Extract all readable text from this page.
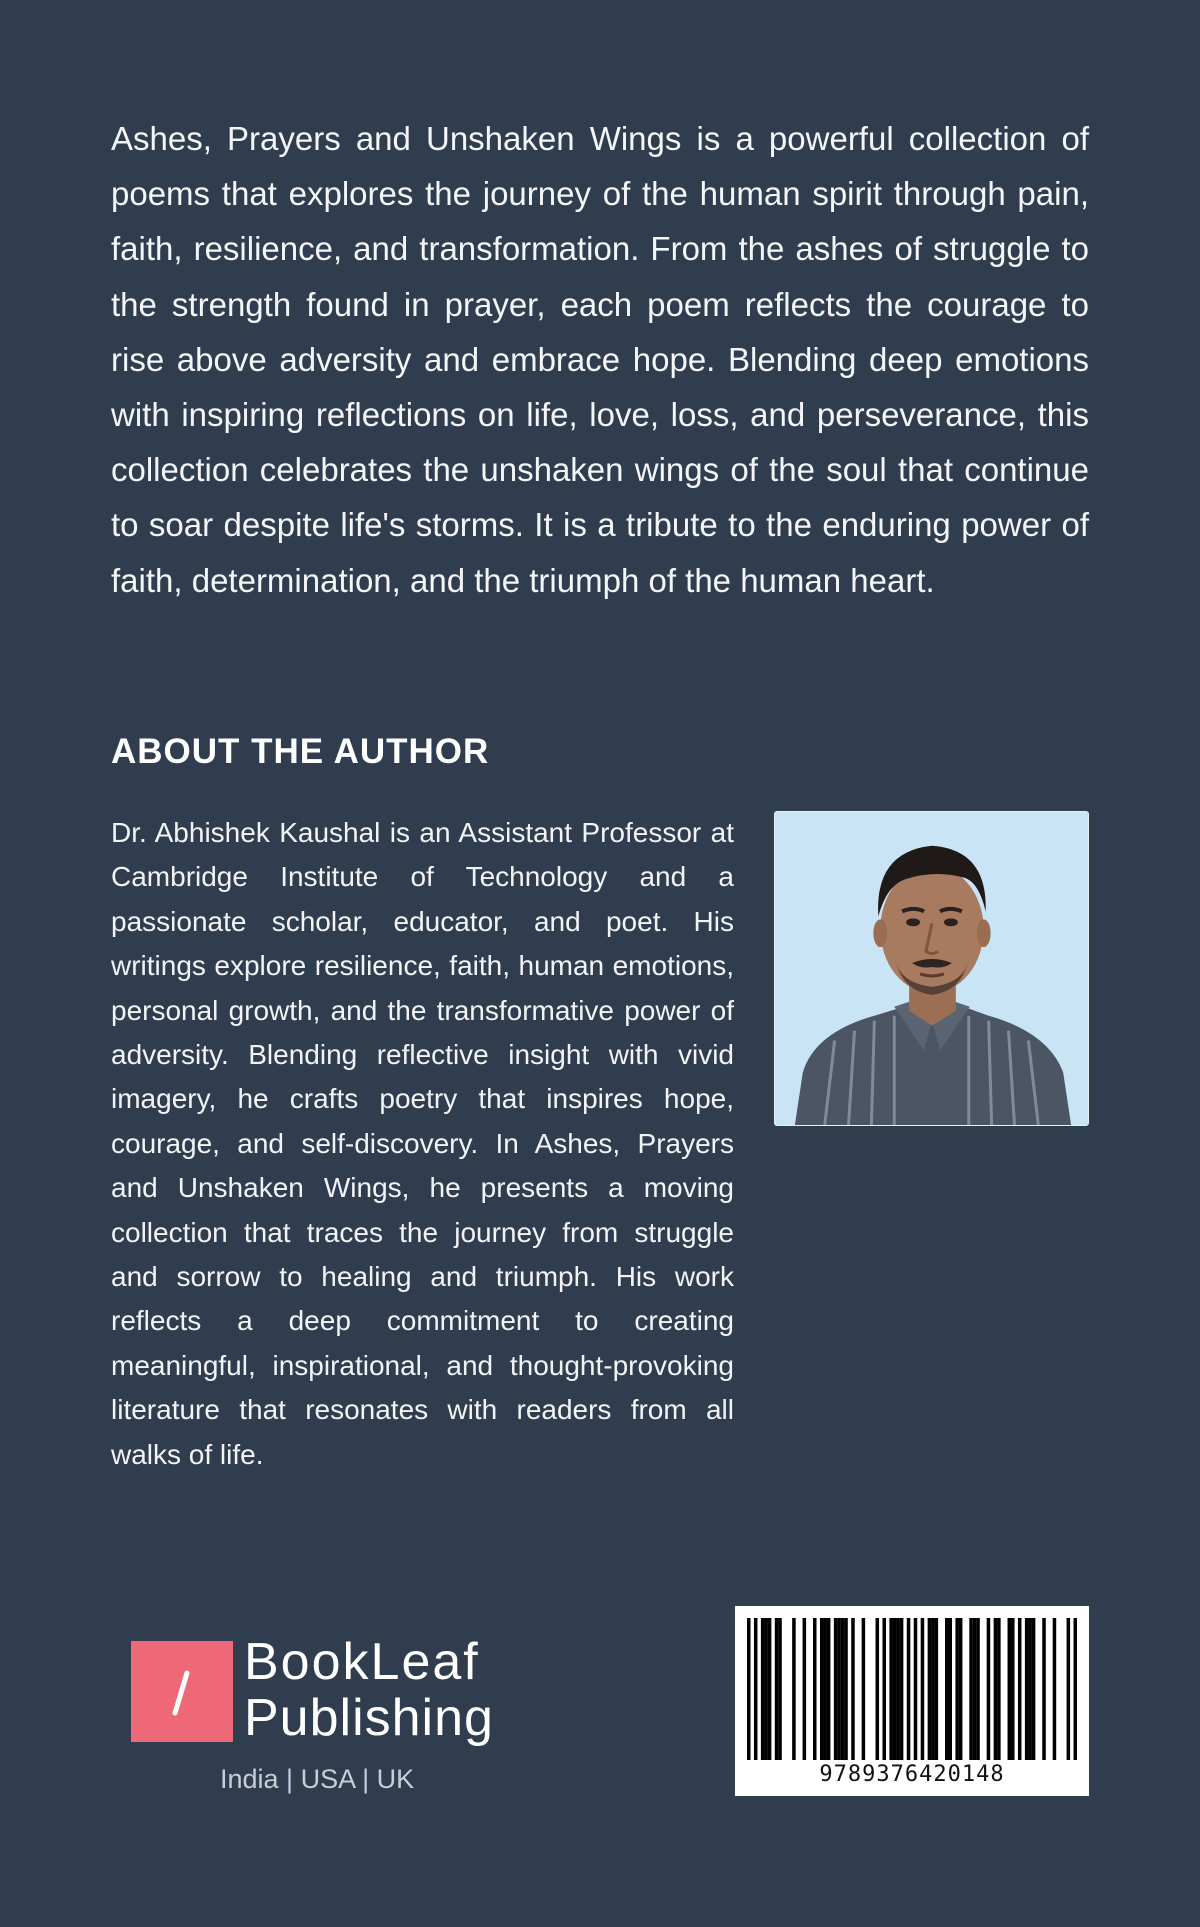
Ashes, Prayers and Unshaken Wings is a powerful collection of poems that explores the journey of the human spirit through pain, faith, resilience, and transformation. From the ashes of struggle to the strength found in prayer, each poem reflects the courage to rise above adversity and embrace hope. Blending deep emotions with inspiring reflections on life, love, loss, and perseverance, this collection celebrates the unshaken wings of the soul that continue to soar despite life's storms. It is a tribute to the enduring power of faith, determination, and the triumph of the human heart.

ABOUT THE AUTHOR

Dr. Abhishek Kaushal is an Assistant Professor at Cambridge Institute of Technology and a passionate scholar, educator, and poet. His writings explore resilience, faith, human emotions, personal growth, and the transformative power of adversity. Blending reflective insight with vivid imagery, he crafts poetry that inspires hope, courage, and self-discovery. In Ashes, Prayers and Unshaken Wings, he presents a moving collection that traces the journey from struggle and sorrow to healing and triumph. His work reflects a deep commitment to creating meaningful, inspirational, and thought-provoking literature that resonates with readers from all walks of life.

BookLeaf
Publishing
India | USA | UK	9789376420148
